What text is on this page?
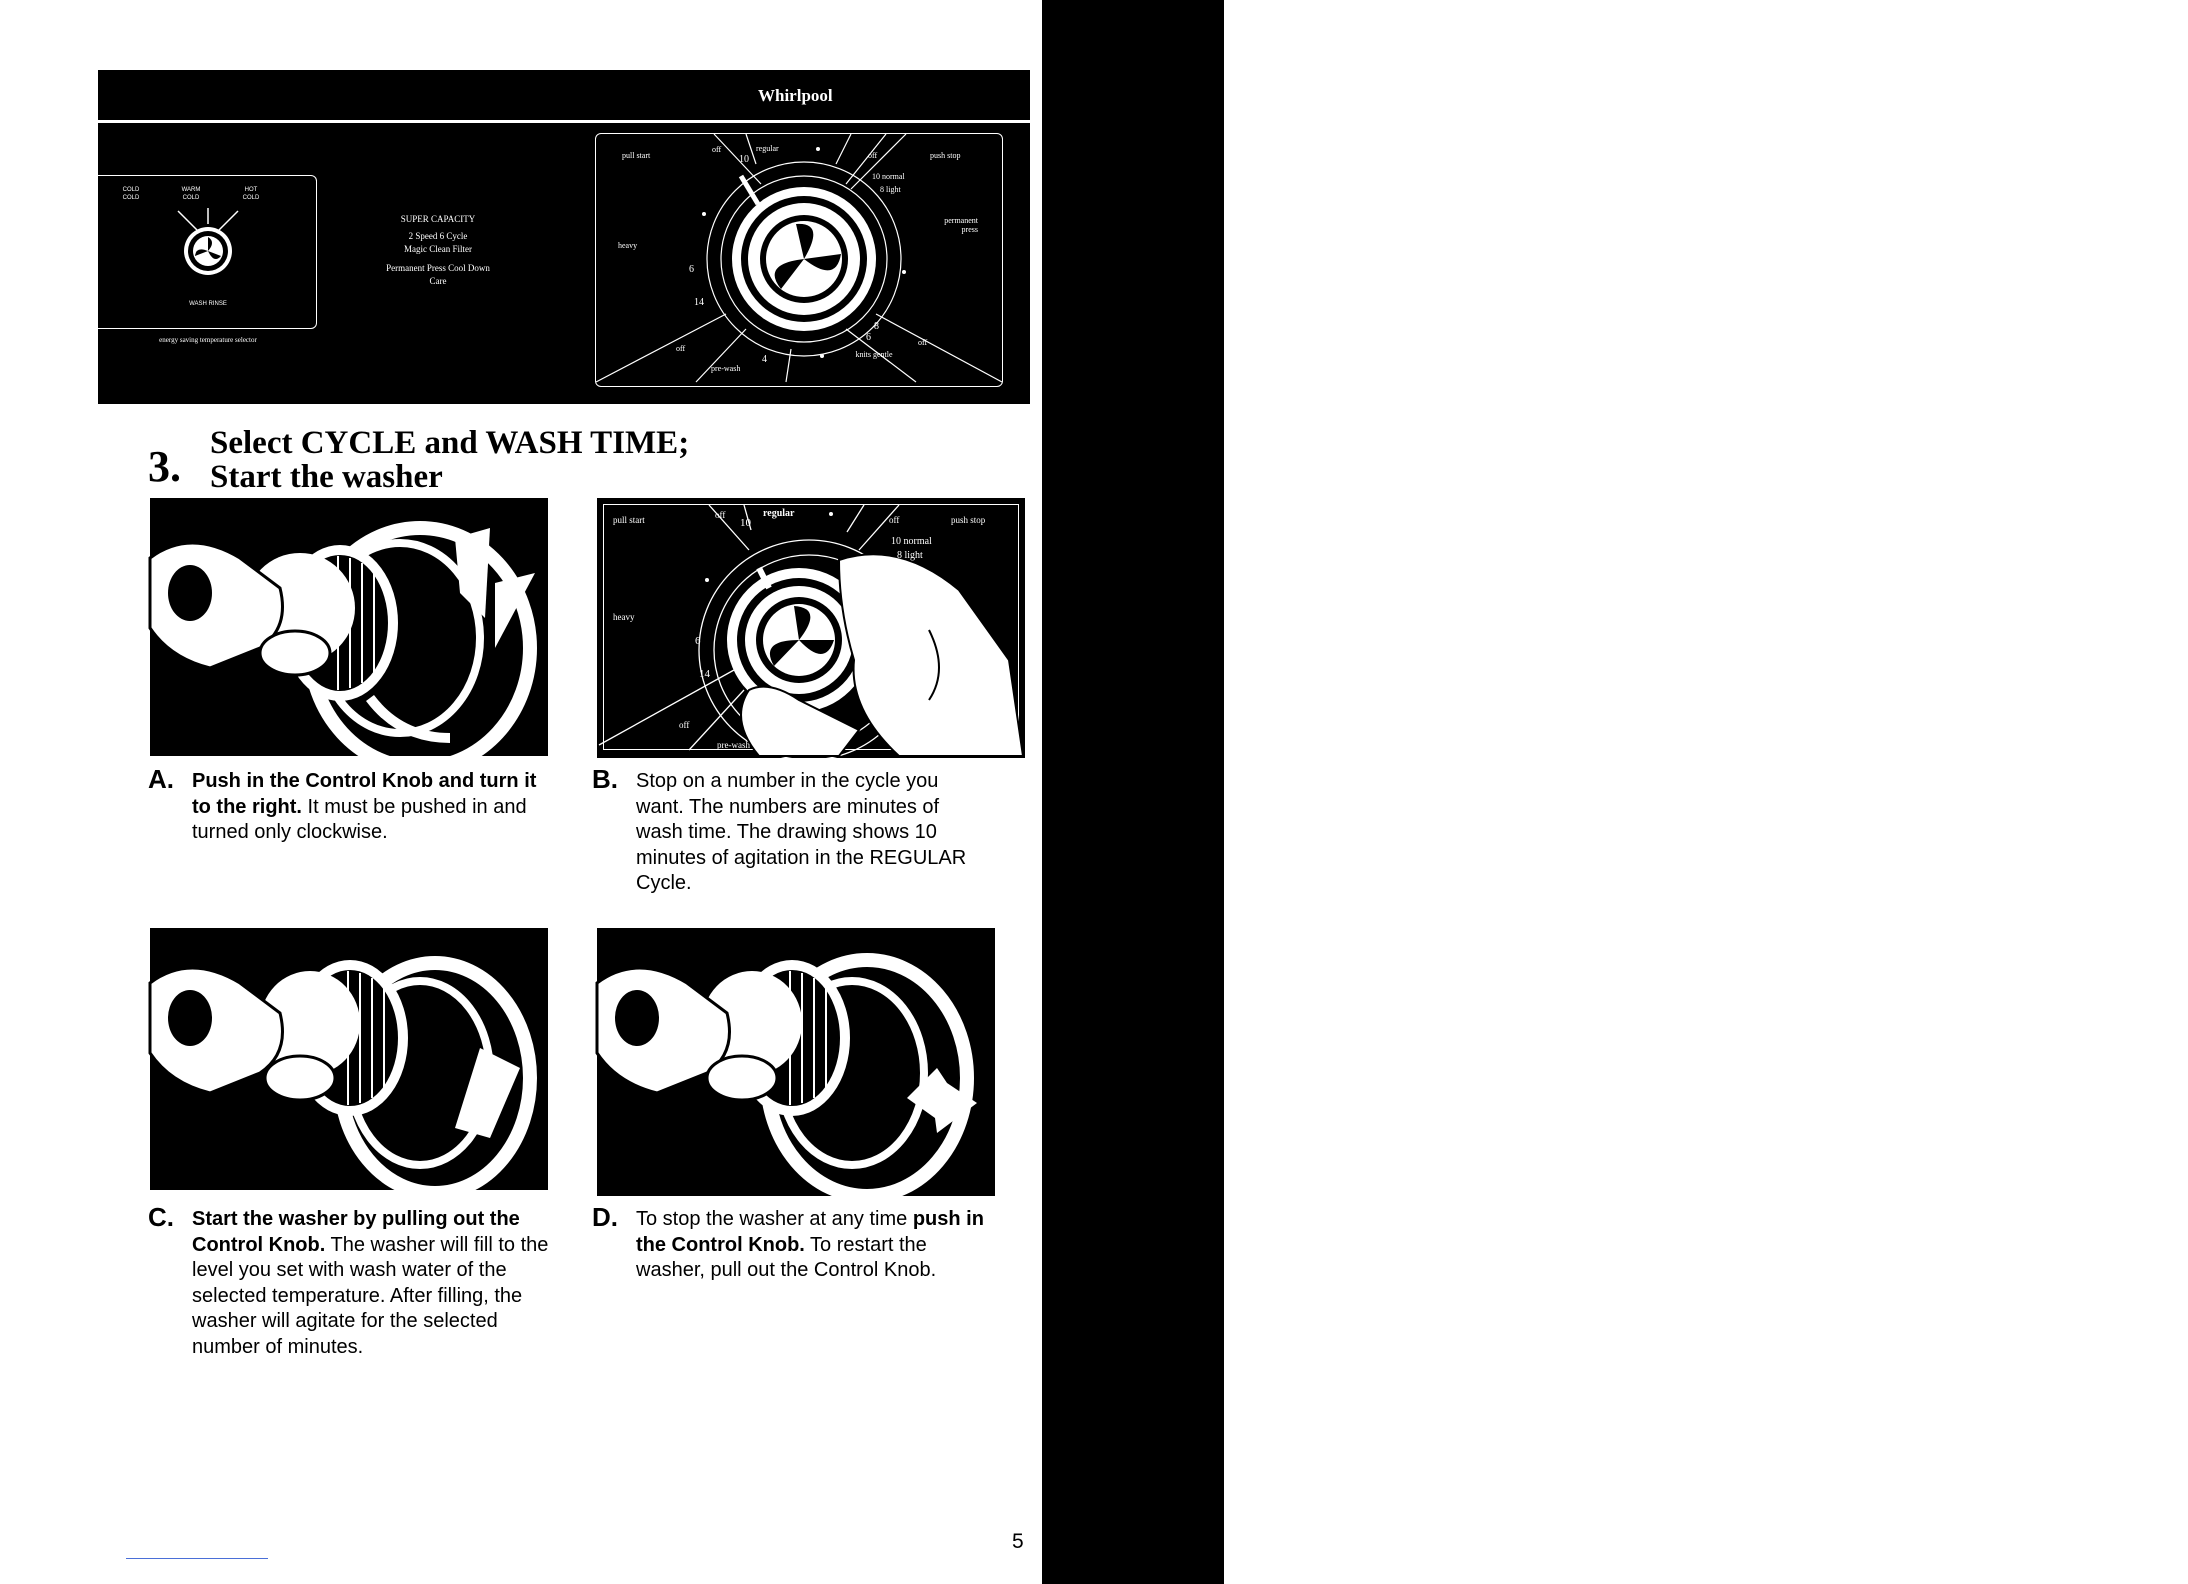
STARTING YOUR WASHER
Whirlpool
COLD COLD
WARM COLD
HOT COLD
WASH RINSE
energy saving temperature selector
SUPER CAPACITY
2 Speed 6 Cycle
Magic Clean Filter
Permanent Press Cool Down Care
pull start
off	regular
10	off	push stop
10 normal
8 light
permanent press
heavy
6
14
off
pre-wash
4
6
8
knits gentle
off
3. Select CYCLE and WASH TIME;
Start the washer
pull start	off
10
regular
off	push stop
10 normal
8 light
ermanent
press
heavy
6
14
off
pre-wash
A. Push in the Control Knob and turn it to the right. It must be pushed in and turned only clockwise.
B. Stop on a number in the cycle you want. The numbers are minutes of wash time. The drawing shows 10 minutes of agitation in the REGULAR Cycle.
C. Start the washer by pulling out the Control Knob. The washer will fill to the level you set with wash water of the selected temperature. After filling, the washer will agitate for the selected number of minutes.
D. To stop the washer at any time push in the Control Knob. To restart the washer, pull out the Control Knob.
5
